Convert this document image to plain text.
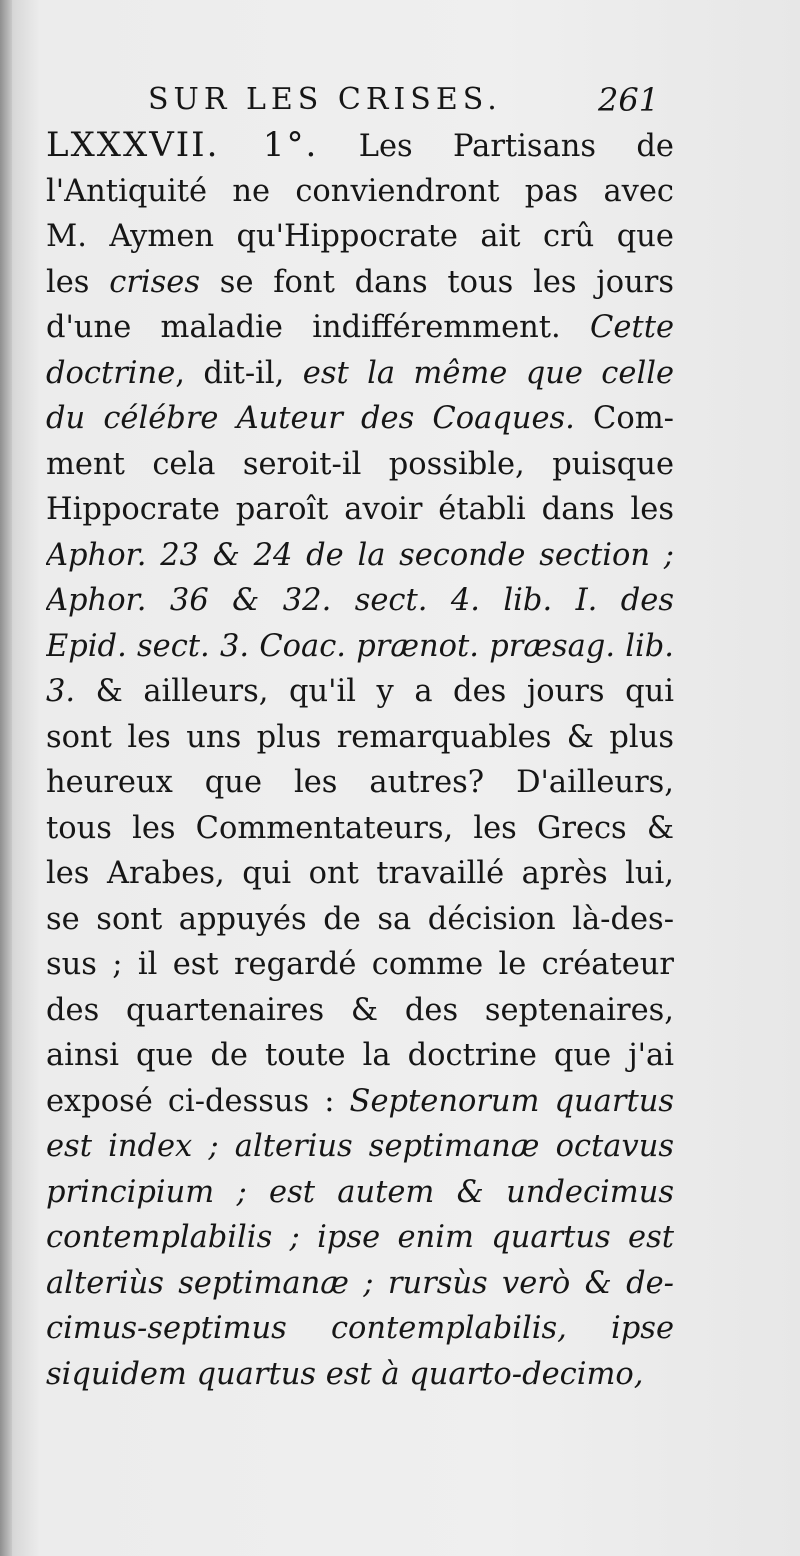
SUR LES CRISES.	261
LXXXVII. 1°. Les Partisans de
l'Antiquité ne conviendront pas avec
M. Aymen qu'Hippocrate ait crû que
les crises se font dans tous les jours
d'une maladie indifféremment. Cette
doctrine, dit-il, est la même que celle
du célébre Auteur des Coaques. Com-
ment cela seroit-il possible, puisque
Hippocrate paroît avoir établi dans les
Aphor. 23 & 24 de la seconde section ;
Aphor. 36 & 32. sect. 4. lib. I. des
Epid. sect. 3. Coac. prænot. præsag. lib.
3. & ailleurs, qu'il y a des jours qui
sont les uns plus remarquables & plus
heureux que les autres? D'ailleurs,
tous les Commentateurs, les Grecs &
les Arabes, qui ont travaillé après lui,
se sont appuyés de sa décision là-des-
sus ; il est regardé comme le créateur
des quartenaires & des septenaires,
ainsi que de toute la doctrine que j'ai
exposé ci-dessus : Septenorum quartus
est index ; alterius septimanæ octavus
principium ; est autem & undecimus
contemplabilis ; ipse enim quartus est
alteriùs septimanæ ; rursùs verò & de-
cimus-septimus contemplabilis, ipse
siquidem quartus est à quarto-decimo,
